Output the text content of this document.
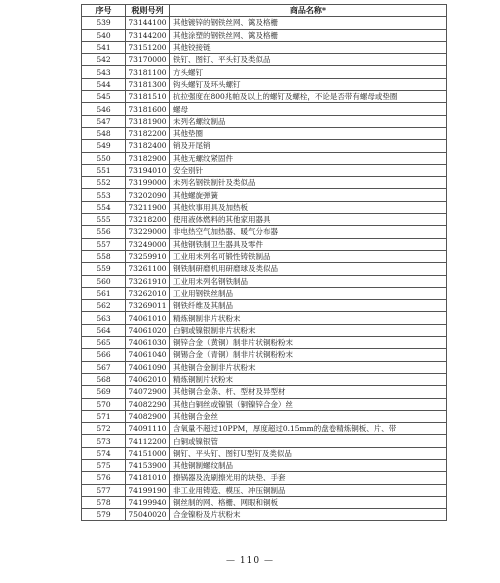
序号	税则号列	商品名称*
539	73144100	其他镀锌的钢铁丝网、篱及格栅
540	73144200	其他涂塑的钢铁丝网、篱及格栅
541	73151200	其他铰接链
542	73170000	铁钉、图钉、平头钉及类似品
543	73181100	方头螺钉
544	73181300	钩头螺钉及环头螺钉
545	73181510	抗拉强度在800兆帕及以上的螺钉及螺栓，不论是否带有螺母或垫圈
546	73181600	螺母
547	73181900	未列名螺纹制品
548	73182200	其他垫圈
549	73182400	销及开尾销
550	73182900	其他无螺纹紧固件
551	73194010	安全别针
552	73199000	未列名钢铁制针及类似品
553	73202090	其他螺旋弹簧
554	73211900	其他炊事用具及加热板
555	73218200	使用液体燃料的其他家用器具
556	73229000	非电热空气加热器、暖气分布器
557	73249000	其他钢铁制卫生器具及零件
558	73259910	工业用未列名可锻性铸铁制品
559	73261100	钢铁制研磨机用研磨球及类似品
560	73261910	工业用未列名钢铁制品
561	73262010	工业用钢铁丝制品
562	73269011	钢铁纤维及其制品
563	74061010	精炼铜制非片状粉末
564	74061020	白铜或镍银制非片状粉末
565	74061030	铜锌合金（黄铜）制非片状铜粉粉末
566	74061040	铜锡合金（青铜）制非片状铜粉粉末
567	74061090	其他铜合金制非片状粉末
568	74062010	精炼铜制片状粉末
569	74072900	其他铜合金条、杆、型材及异型材
570	74082290	其他白铜丝或镍银（铜镍锌合金）丝
571	74082900	其他铜合金丝
572	74091110	含氧量不超过10PPM，厚度超过0.15mm的盘卷精炼铜板、片、带
573	74112200	白铜或镍银管
574	74151000	铜钉、平头钉、图钉U型钉及类似品
575	74153900	其他铜制螺纹制品
576	74181010	擦锅器及洗刷擦光用的块垫、手套
577	74199190	非工业用铸造、模压、冲压铜制品
578	74199940	铜丝制的网、格栅、网眼和铜板
579	75040020	合金镍粉及片状粉末
— 110 —
